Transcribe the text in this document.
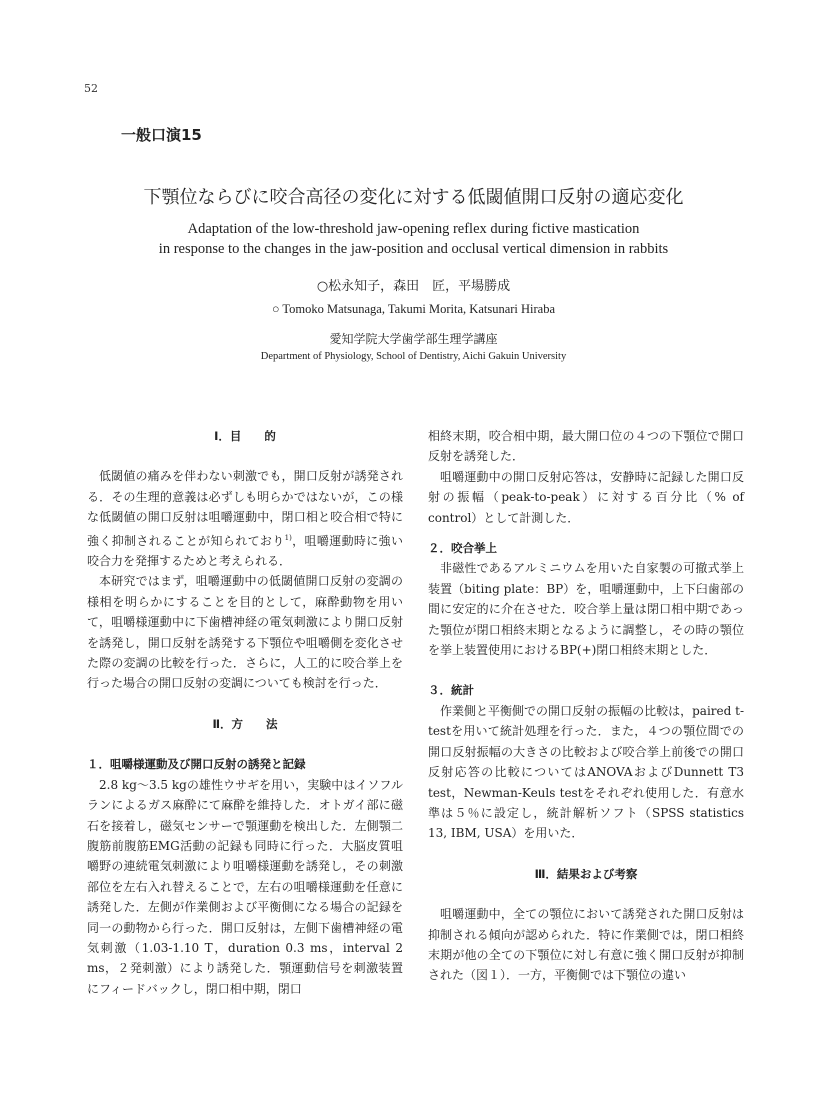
52
一般口演15
下顎位ならびに咬合高径の変化に対する低閾値開口反射の適応変化
Adaptation of the low-threshold jaw-opening reflex during fictive mastication
in response to the changes in the jaw-position and occlusal vertical dimension in rabbits
○松永知子，森田　匠，平場勝成
○ Tomoko Matsunaga, Takumi Morita, Katsunari Hiraba
愛知学院大学歯学部生理学講座
Department of Physiology, School of Dentistry, Aichi Gakuin University
Ⅰ．目　　的

低閾値の痛みを伴わない刺激でも，開口反射が誘発される．その生理的意義は必ずしも明らかではないが，この様な低閾値の開口反射は咀嚼運動中，閉口相と咬合相で特に強く抑制されることが知られており$^{1)}$，咀嚼運動時に強い咬合力を発揮するためと考えられる．

本研究ではまず，咀嚼運動中の低閾値開口反射の変調の様相を明らかにすることを目的として，麻酔動物を用いて，咀嚼様運動中に下歯槽神経の電気刺激により開口反射を誘発し，開口反射を誘発する下顎位や咀嚼側を変化させた際の変調の比較を行った．さらに，人工的に咬合挙上を行った場合の開口反射の変調についても検討を行った．

Ⅱ．方　　法
１．咀嚼様運動及び開口反射の誘発と記録

2.8 kg～3.5 kgの雄性ウサギを用い，実験中はイソフルランによるガス麻酔にて麻酔を維持した．オトガイ部に磁石を接着し，磁気センサーで顎運動を検出した．左側顎二腹筋前腹筋EMG活動の記録も同時に行った．大脳皮質咀嚼野の連続電気刺激により咀嚼様運動を誘発し，その刺激部位を左右入れ替えることで，左右の咀嚼様運動を任意に誘発した．左側が作業側および平衡側になる場合の記録を同一の動物から行った．開口反射は，左側下歯槽神経の電気刺激（1.03-1.10 T，duration 0.3 ms，interval 2 ms，２発刺激）により誘発した．顎運動信号を刺激装置にフィードバックし，閉口相中期，閉口

相終末期，咬合相中期，最大開口位の４つの下顎位で開口反射を誘発した．

咀嚼運動中の開口反射応答は，安静時に記録した開口反射の振幅（peak-to-peak）に対する百分比（% of control）として計測した．

２．咬合挙上

非磁性であるアルミニウムを用いた自家製の可撤式挙上装置（biting plate：BP）を，咀嚼運動中，上下臼歯部の間に安定的に介在させた．咬合挙上量は閉口相中期であった顎位が閉口相終末期となるように調整し，その時の顎位を挙上装置使用におけるBP(+)閉口相終末期とした．

３．統計

作業側と平衡側での開口反射の振幅の比較は，paired t-testを用いて統計処理を行った．また，４つの顎位間での開口反射振幅の大きさの比較および咬合挙上前後での開口反射応答の比較についてはANOVAおよびDunnett T3 test，Newman-Keuls testをそれぞれ使用した．有意水準は５％に設定し，統計解析ソフト（SPSS statistics 13, IBM, USA）を用いた．

Ⅲ．結果および考察

咀嚼運動中，全ての顎位において誘発された開口反射は抑制される傾向が認められた．特に作業側では，閉口相終末期が他の全ての下顎位に対し有意に強く開口反射が抑制された（図１）．一方，平衡側では下顎位の違い
